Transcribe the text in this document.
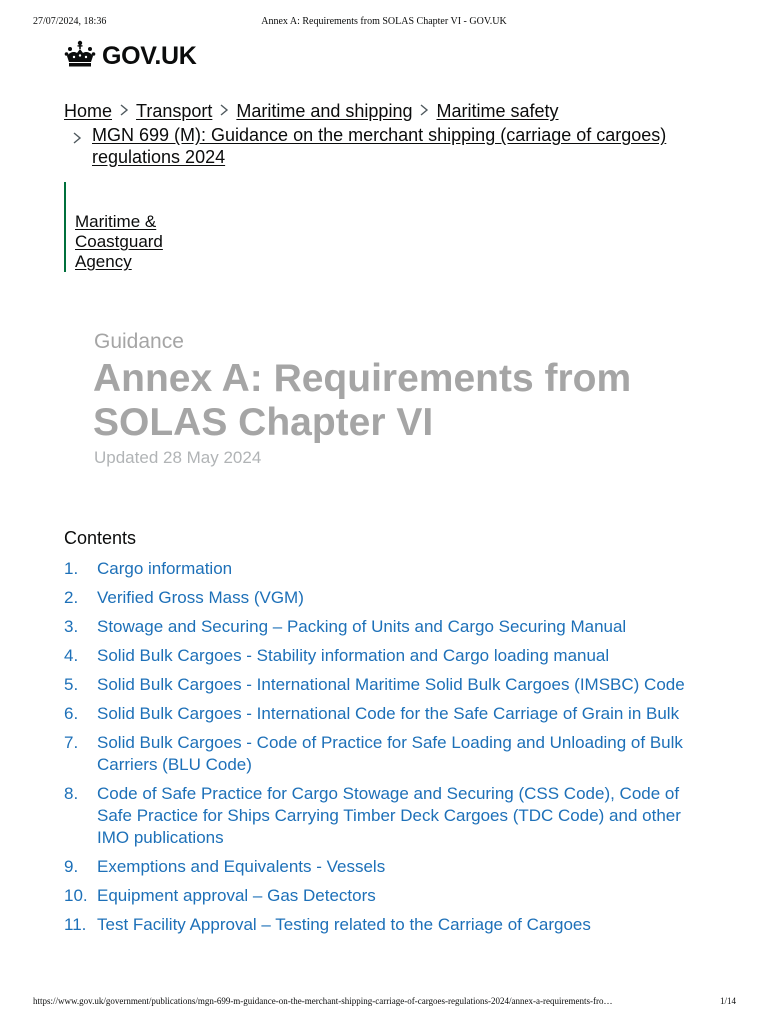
27/07/2024, 18:36	Annex A: Requirements from SOLAS Chapter VI - GOV.UK
GOV.UK
Home Transport Maritime and shipping Maritime safety
MGN 699 (M): Guidance on the merchant shipping (carriage of cargoes) regulations 2024
Maritime & Coastguard Agency
Guidance
Annex A: Requirements from SOLAS Chapter VI
Updated 28 May 2024
Contents
1.	Cargo information
2.	Verified Gross Mass (VGM)
3.	Stowage and Securing – Packing of Units and Cargo Securing Manual
4.	Solid Bulk Cargoes - Stability information and Cargo loading manual
5.	Solid Bulk Cargoes - International Maritime Solid Bulk Cargoes (IMSBC) Code
6.	Solid Bulk Cargoes - International Code for the Safe Carriage of Grain in Bulk
7.	Solid Bulk Cargoes - Code of Practice for Safe Loading and Unloading of Bulk Carriers (BLU Code)
8.	Code of Safe Practice for Cargo Stowage and Securing (CSS Code), Code of Safe Practice for Ships Carrying Timber Deck Cargoes (TDC Code) and other IMO publications
9.	Exemptions and Equivalents - Vessels
10. Equipment approval – Gas Detectors
11. Test Facility Approval – Testing related to the Carriage of Cargoes
https://www.gov.uk/government/publications/mgn-699-m-guidance-on-the-merchant-shipping-carriage-of-cargoes-regulations-2024/annex-a-requirements-fro…	1/14
